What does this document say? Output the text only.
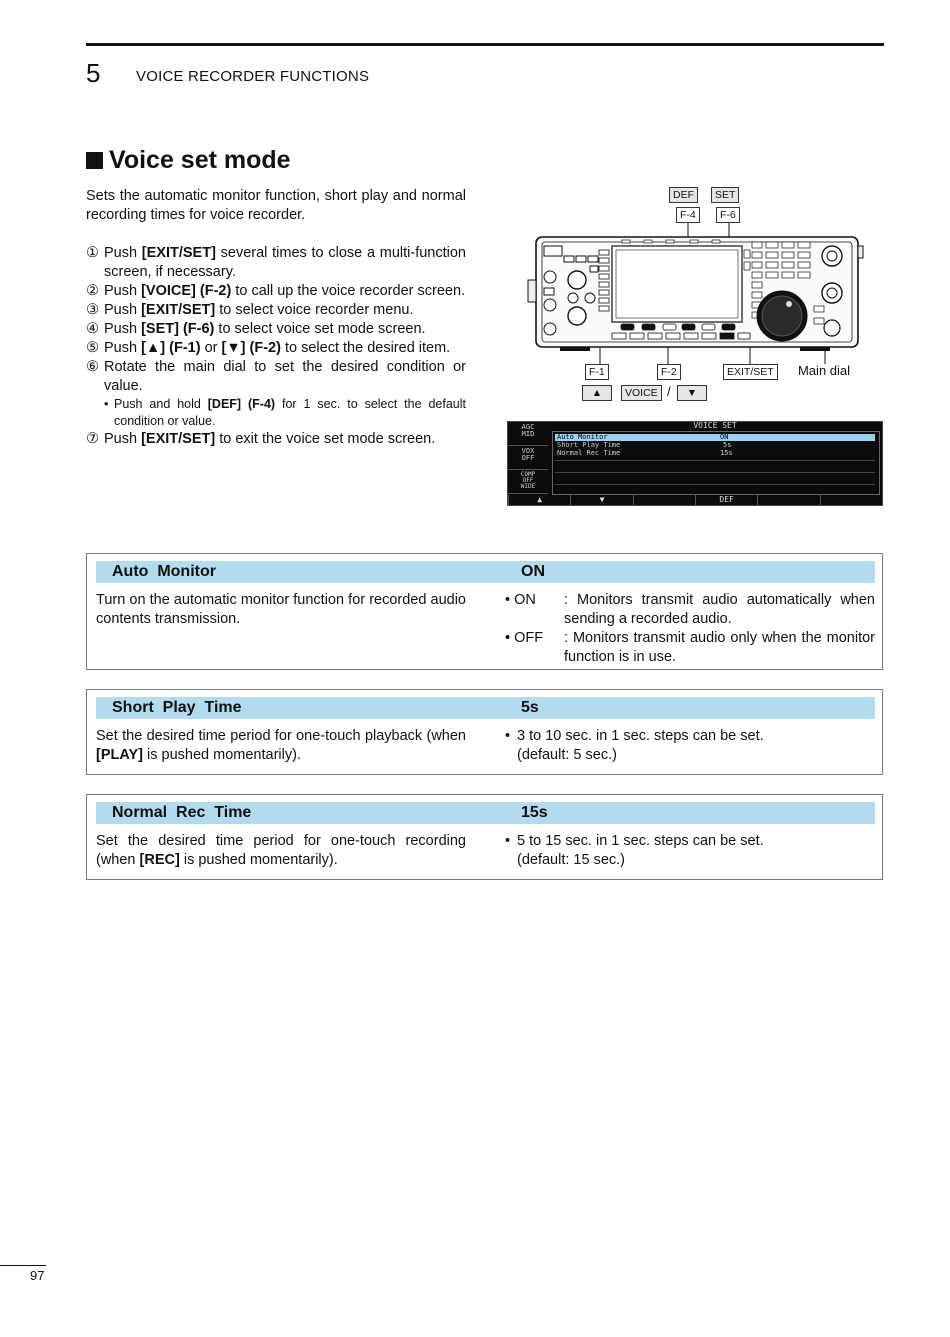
5 VOICE RECORDER FUNCTIONS
Voice set mode
Sets the automatic monitor function, short play and normal recording times for voice recorder.
① Push [EXIT/SET] several times to close a multi-function screen, if necessary.
② Push [VOICE] (F-2) to call up the voice recorder screen.
③ Push [EXIT/SET] to select voice recorder menu.
④ Push [SET] (F-6) to select voice set mode screen.
⑤ Push [▲] (F-1) or [▼] (F-2) to select the desired item.
⑥ Rotate the main dial to set the desired condition or value.
• Push and hold [DEF] (F-4) for 1 sec. to select the default condition or value.
⑦ Push [EXIT/SET] to exit the voice set mode screen.
DEF	SET
F-4	F-6
F-1	F-2	EXIT/SET	Main dial
▲	VOICE /	▼
AGC
MID
VOX
OFF
COMP
OFF
WIDE
VOICE SET
Auto Monitor	ON
Short Play Time	5s
Normal Rec Time	15s
▲	▼	DEF
Auto  Monitor	ON
Turn on the automatic monitor function for recorded audio contents transmission.
• ON	: Monitors transmit audio automatically when sending a recorded audio.
• OFF	: Monitors transmit audio only when the monitor function is in use.
Short  Play  Time	5s
Set the desired time period for one-touch playback (when [PLAY] is pushed momentarily).
• 3 to 10 sec. in 1 sec. steps can be set.
(default: 5 sec.)
Normal  Rec  Time	15s
Set the desired time period for one-touch recording (when [REC] is pushed momentarily).
• 5 to 15 sec. in 1 sec. steps can be set.
(default: 15 sec.)
97
